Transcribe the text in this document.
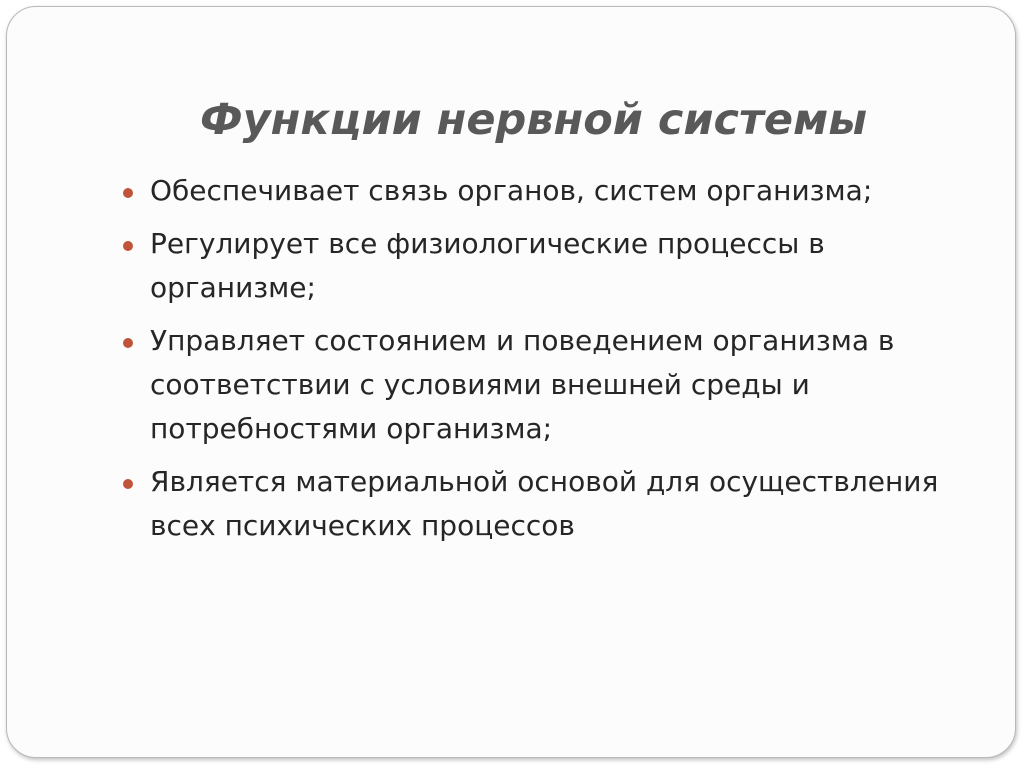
Функции нервной системы
Обеспечивает связь органов, систем организма;
Регулирует все физиологические процессы в организме;
Управляет состоянием и поведением организма в соответствии с условиями внешней среды и потребностями организма;
Является материальной основой для осуществления всех психических процессов
